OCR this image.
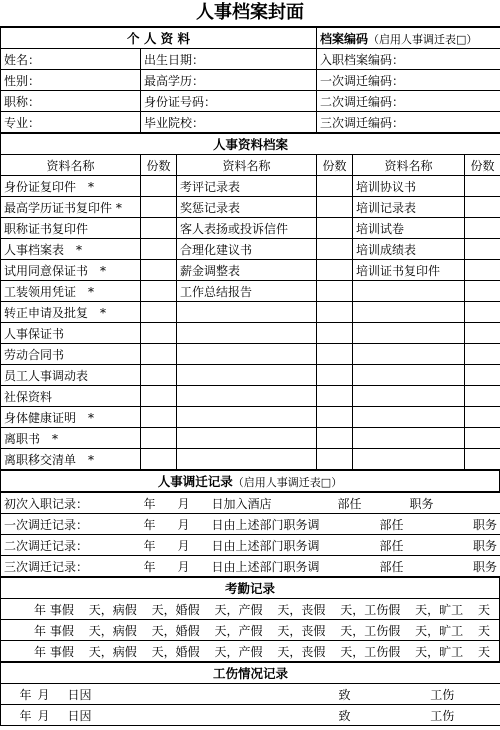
人事档案封面
个 人 资 料		档案编码（启用人事调迁表□）
姓名：	出生日期：	入职档案编码：
性别：	最高学历：	一次调迁编码：
职称：	身份证号码：	二次调迁编码：
专业：	毕业院校：	三次调迁编码：
人事资料档案					
资料名称	份数	资料名称	份数	资料名称	份数
身份证复印件　*		考评记录表		培训协议书	
最高学历证书复印件 *		奖惩记录表		培训记录表	
职称证书复印件		客人表扬或投诉信件		培训试卷	
人事档案表　*		合理化建议书		培训成绩表	
试用同意保证书　*		薪金调整表		培训证书复印件	
工装领用凭证　*		工作总结报告			
转正申请及批复　*					
人事保证书					
劳动合同书					
员工人事调动表					
社保资料					
身体健康证明　*					
离职书　*					
离职移交清单　*					
人事调迁记录（启用人事调迁表□）
初次入职记录：	年	月	日加入酒店	部任	职务
一次调迁记录：	年	月	日由上述部门职务调	部任	职务
二次调迁记录：	年	月	日由上述部门职务调	部任	职务
三次调迁记录：	年	月	日由上述部门职务调	部任	职务
考勤记录

年 事假 天，病假 天，婚假 天，产假 天，丧假 天，工伤假 天，旷工 天

年 事假 天，病假 天，婚假 天，产假 天，丧假 天，工伤假 天，旷工 天

年 事假 天，病假 天，婚假 天，产假 天，丧假 天，工伤假 天，旷工 天
工伤情况记录				
年	月	日因	致	工伤
年	月	日因	致	工伤
